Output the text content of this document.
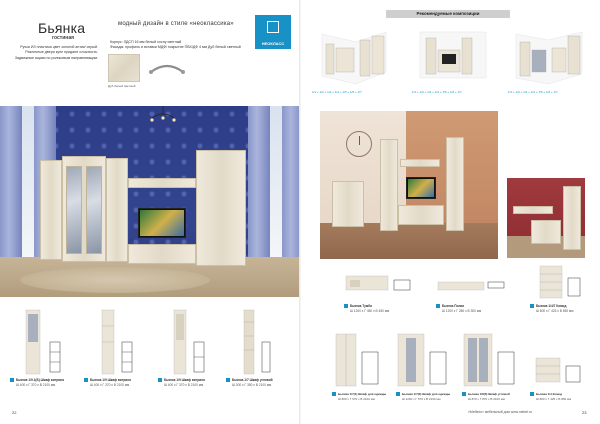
Бьянка
гостиная
модный дизайн в стиле «неоклассика»
НЕОКЛАСС
Ручки ИЗ пластика цвет золотой антик/ серый. Различные двери купе придают сложность. Задвижные ящики по роликовым направляющим.
Корпус: ЛДСП 16 мм белый сосну светлый
Фасады: профиль и вставки МДФ/ покрытие ПВХ/ДФ 4 мм Дуб белый светлый
Дуб белый светлый
Бьянка 1/9.1(Б) Шкаф витрина
Ш 400 х Г 370 х В 2100 мм
Бьянка 1/9 Шкаф витрина
Ш 400 х Г 370 х В 2100 мм
Бьянка 1/9 Шкаф витрина
Ш 400 х Г 370 х В 2100 мм
Бьянка 1/7 Шкаф угловой
Ш 300 х Г 350 х В 2100 мм
22
Рекомендуемые композиции
1/1 + 1/2 + 1/3 + 1/4 + 1/5 + 1/6 + 1/7	1/1 + 1/2 + 1/3 + 1/4 + 1/5 + 1/6 + 1/7	1/1 + 1/2 + 1/3 + 1/4 + 1/5 + 1/6 + 1/7
Бьянка Тумба
Ш 1200 х Г 450 х В 450 мм
Бьянка Полка
Ш 1200 х Г 280 х В 300 мм
Бьянка 1/4/7 Комод
Ш 800 х Г 425 х В 850 мм
Бьянка 1/7(1) Шкаф для одежды
Ш 800 х Г 570 х В 2100 мм
Бьянка 1/7(2) Шкаф для одежды
Ш 1200 х Г 570 х В 2100 мм
Бьянка 1/8(3) Шкаф угловой
Ш 870 х Г 870 х В 2100 мм
Бьянка 1/4 Комод
Ш 800 х Г 425 х В 850 мм
«Мебель» мебельный дом www.mebel.ru	23
